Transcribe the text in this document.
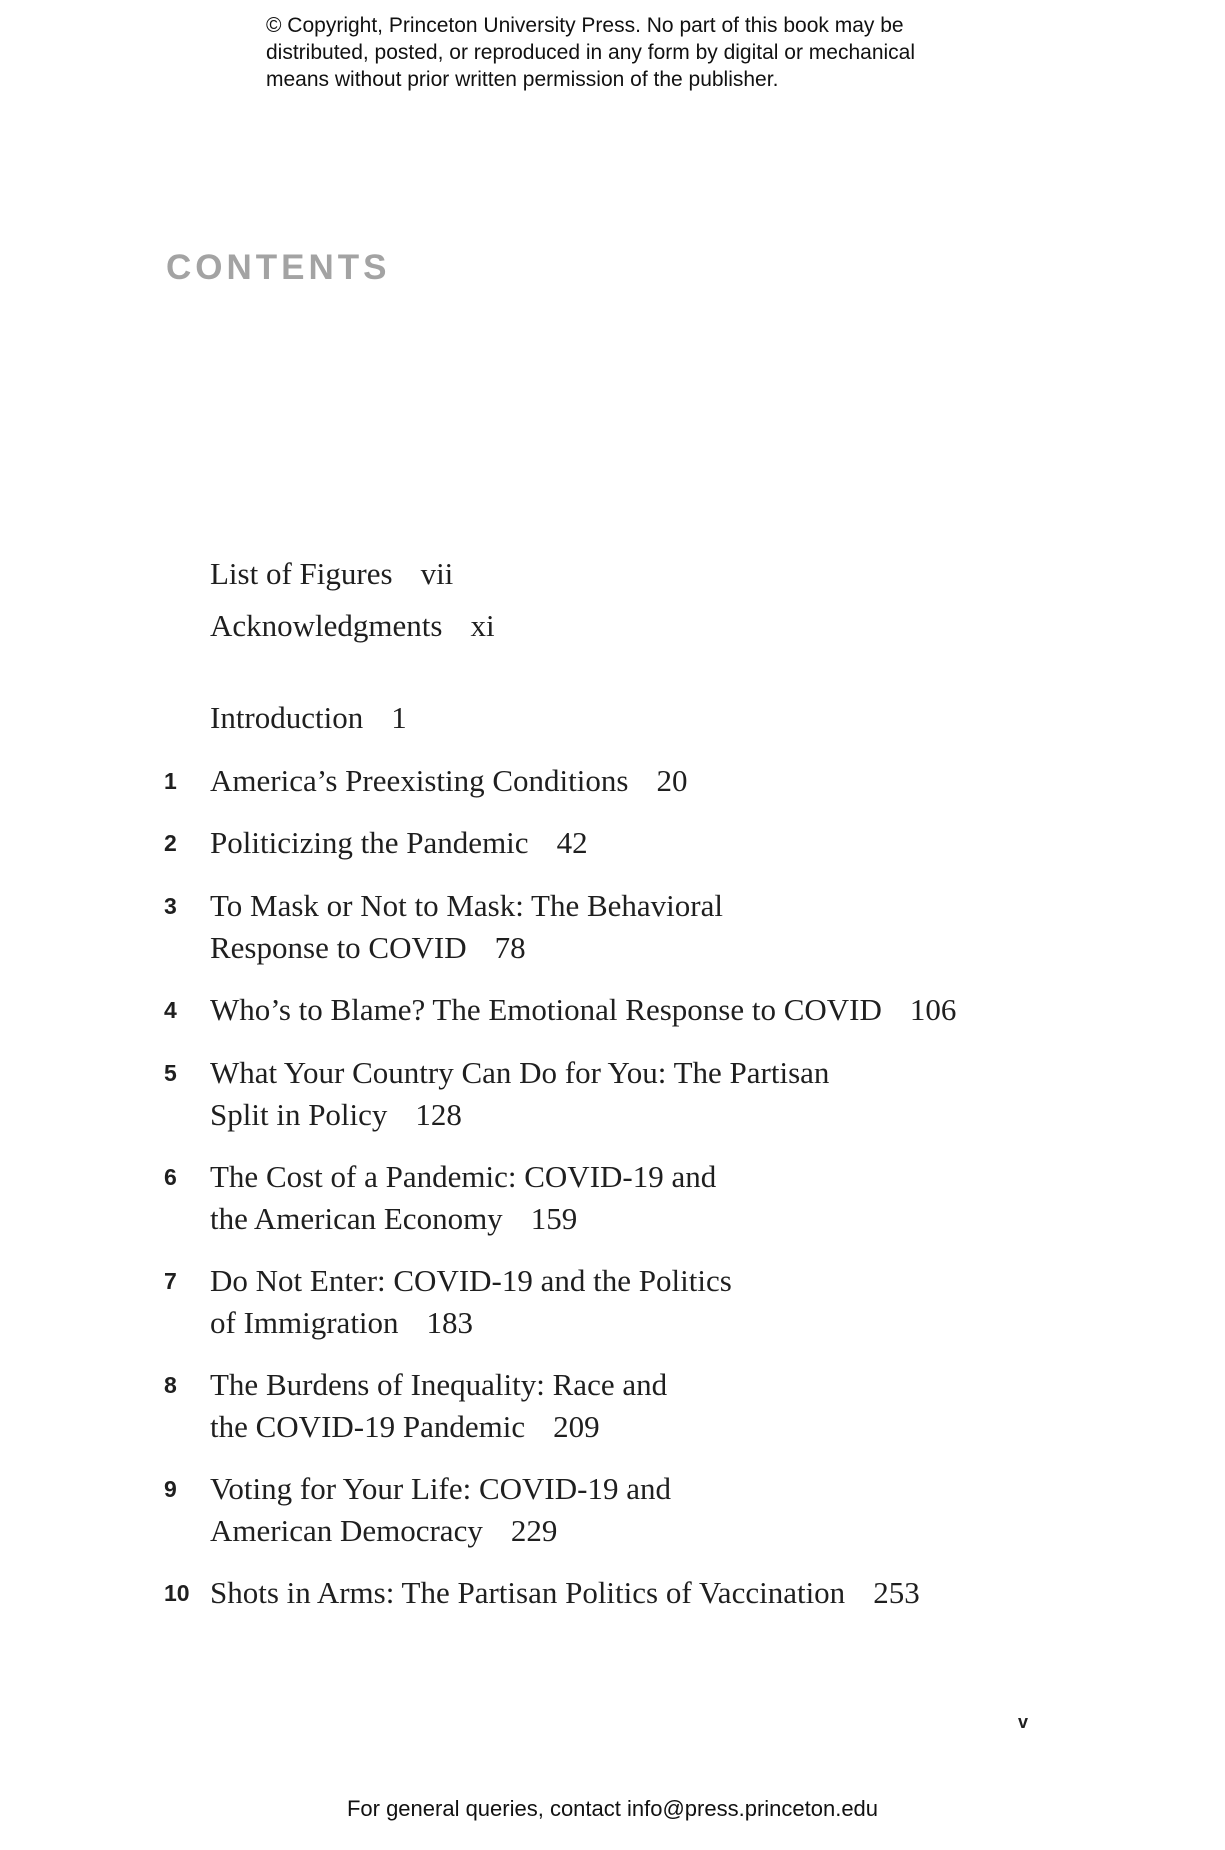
© Copyright, Princeton University Press. No part of this book may be
distributed, posted, or reproduced in any form by digital or mechanical
means without prior written permission of the publisher.
CONTENTS
List of Figures vii
Acknowledgments xi
Introduction 1
1 America’s Preexisting Conditions 20
2 Politicizing the Pandemic 42
3 To Mask or Not to Mask: The Behavioral
Response to COVID 78
4 Who’s to Blame? The Emotional Response to COVID 106
5 What Your Country Can Do for You: The Partisan
Split in Policy 128
6 The Cost of a Pandemic: COVID-19 and
the American Economy 159
7 Do Not Enter: COVID-19 and the Politics
of Immigration 183
8 The Burdens of Inequality: Race and
the COVID-19 Pandemic 209
9 Voting for Your Life: COVID-19 and
American Democracy 229
10 Shots in Arms: The Partisan Politics of Vaccination 253
v
For general queries, contact info@press.princeton.edu
